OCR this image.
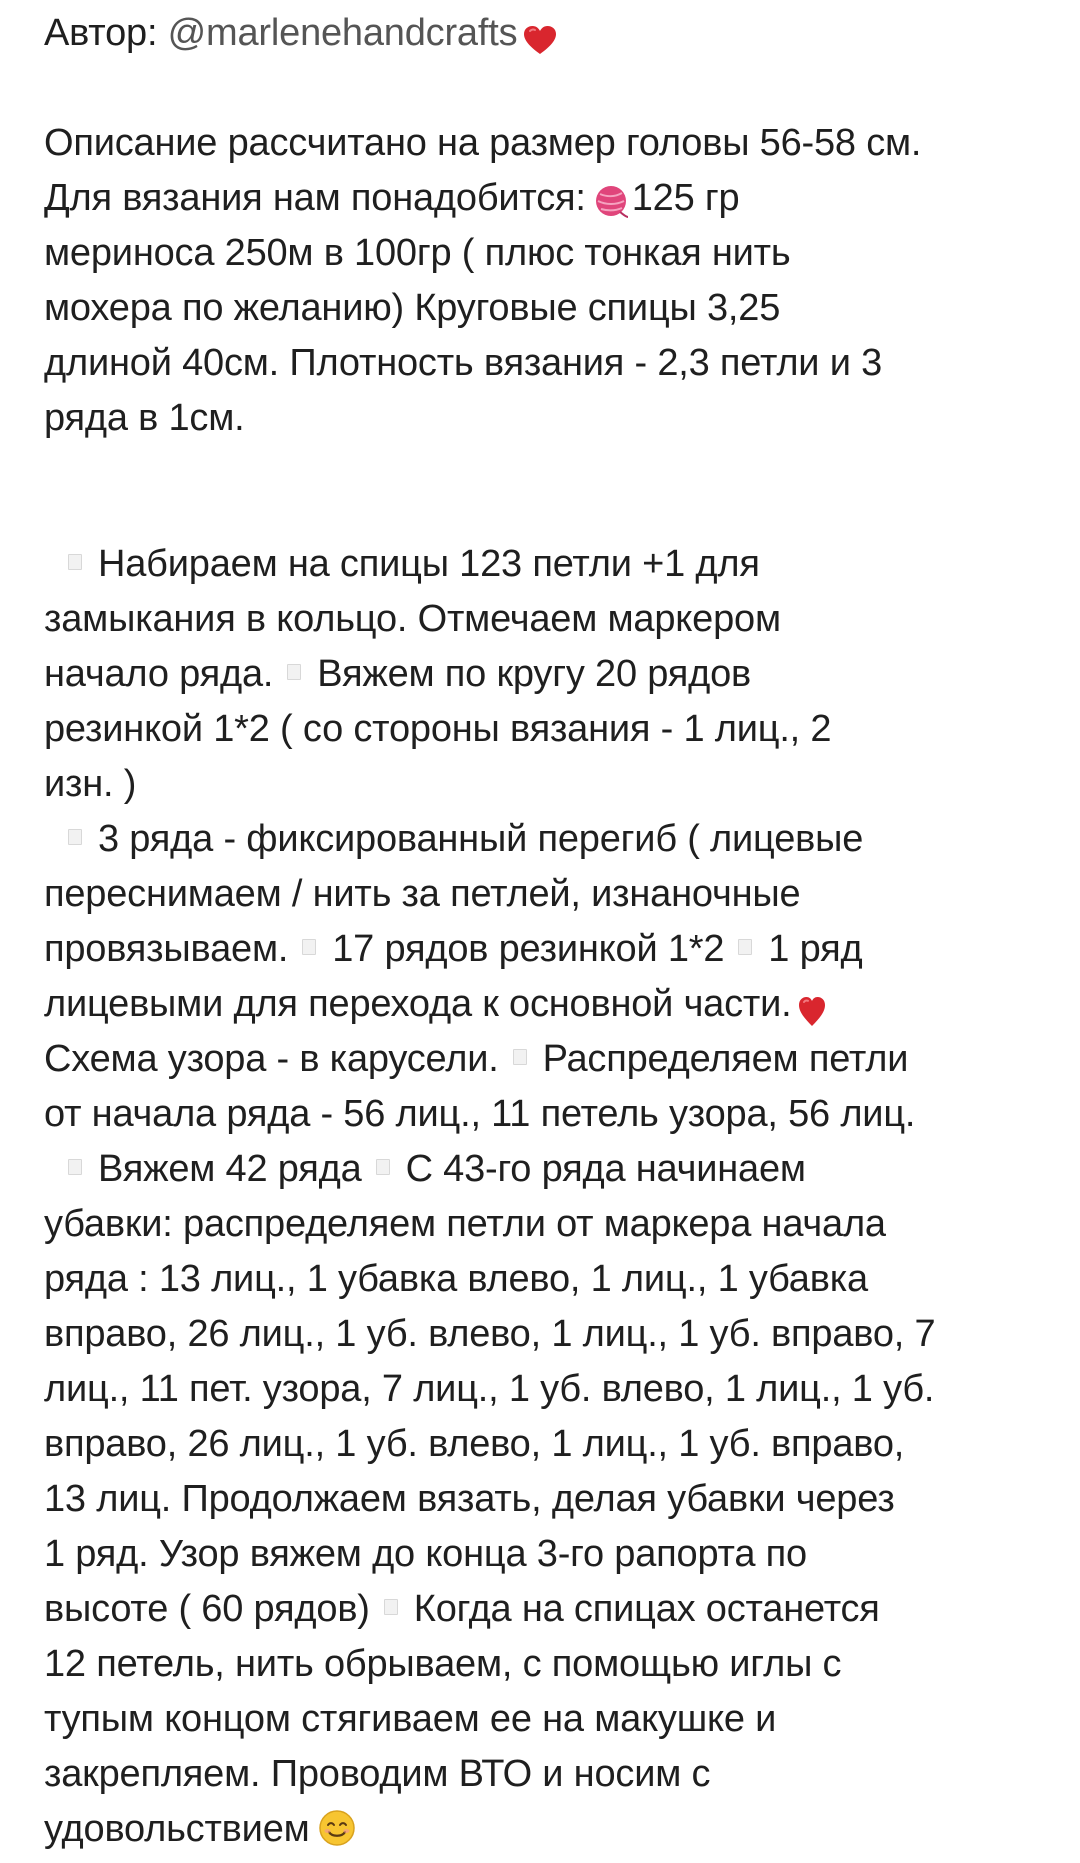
Автор: @marlenehandcrafts
Описание рассчитано на размер головы 56-58 см.
Для вязания нам понадобится: 125 гр
мериноса 250м в 100гр ( плюс тонкая нить
мохера по желанию) Круговые спицы 3,25
длиной 40см. Плотность вязания - 2,3 петли и 3
ряда в 1см.
Набираем на спицы 123 петли +1 для
замыкания в кольцо. Отмечаем маркером
начало ряда. Вяжем по кругу 20 рядов
резинкой 1*2 ( со стороны вязания - 1 лиц., 2
изн. )
3 ряда - фиксированный перегиб ( лицевые
переснимаем / нить за петлей, изнаночные
провязываем. 17 рядов резинкой 1*2 1 ряд
лицевыми для перехода к основной части.
Схема узора - в карусели. Распределяем петли
от начала ряда - 56 лиц., 11 петель узора, 56 лиц.
Вяжем 42 ряда С 43-го ряда начинаем
убавки: распределяем петли от маркера начала
ряда : 13 лиц., 1 убавка влево, 1 лиц., 1 убавка
вправо, 26 лиц., 1 уб. влево, 1 лиц., 1 уб. вправо, 7
лиц., 11 пет. узора, 7 лиц., 1 уб. влево, 1 лиц., 1 уб.
вправо, 26 лиц., 1 уб. влево, 1 лиц., 1 уб. вправо,
13 лиц. Продолжаем вязать, делая убавки через
1 ряд. Узор вяжем до конца 3-го рапорта по
высоте ( 60 рядов) Когда на спицах останется
12 петель, нить обрываем, с помощью иглы с
тупым концом стягиваем ее на макушке и
закрепляем. Проводим ВТО и носим с
удовольствием
